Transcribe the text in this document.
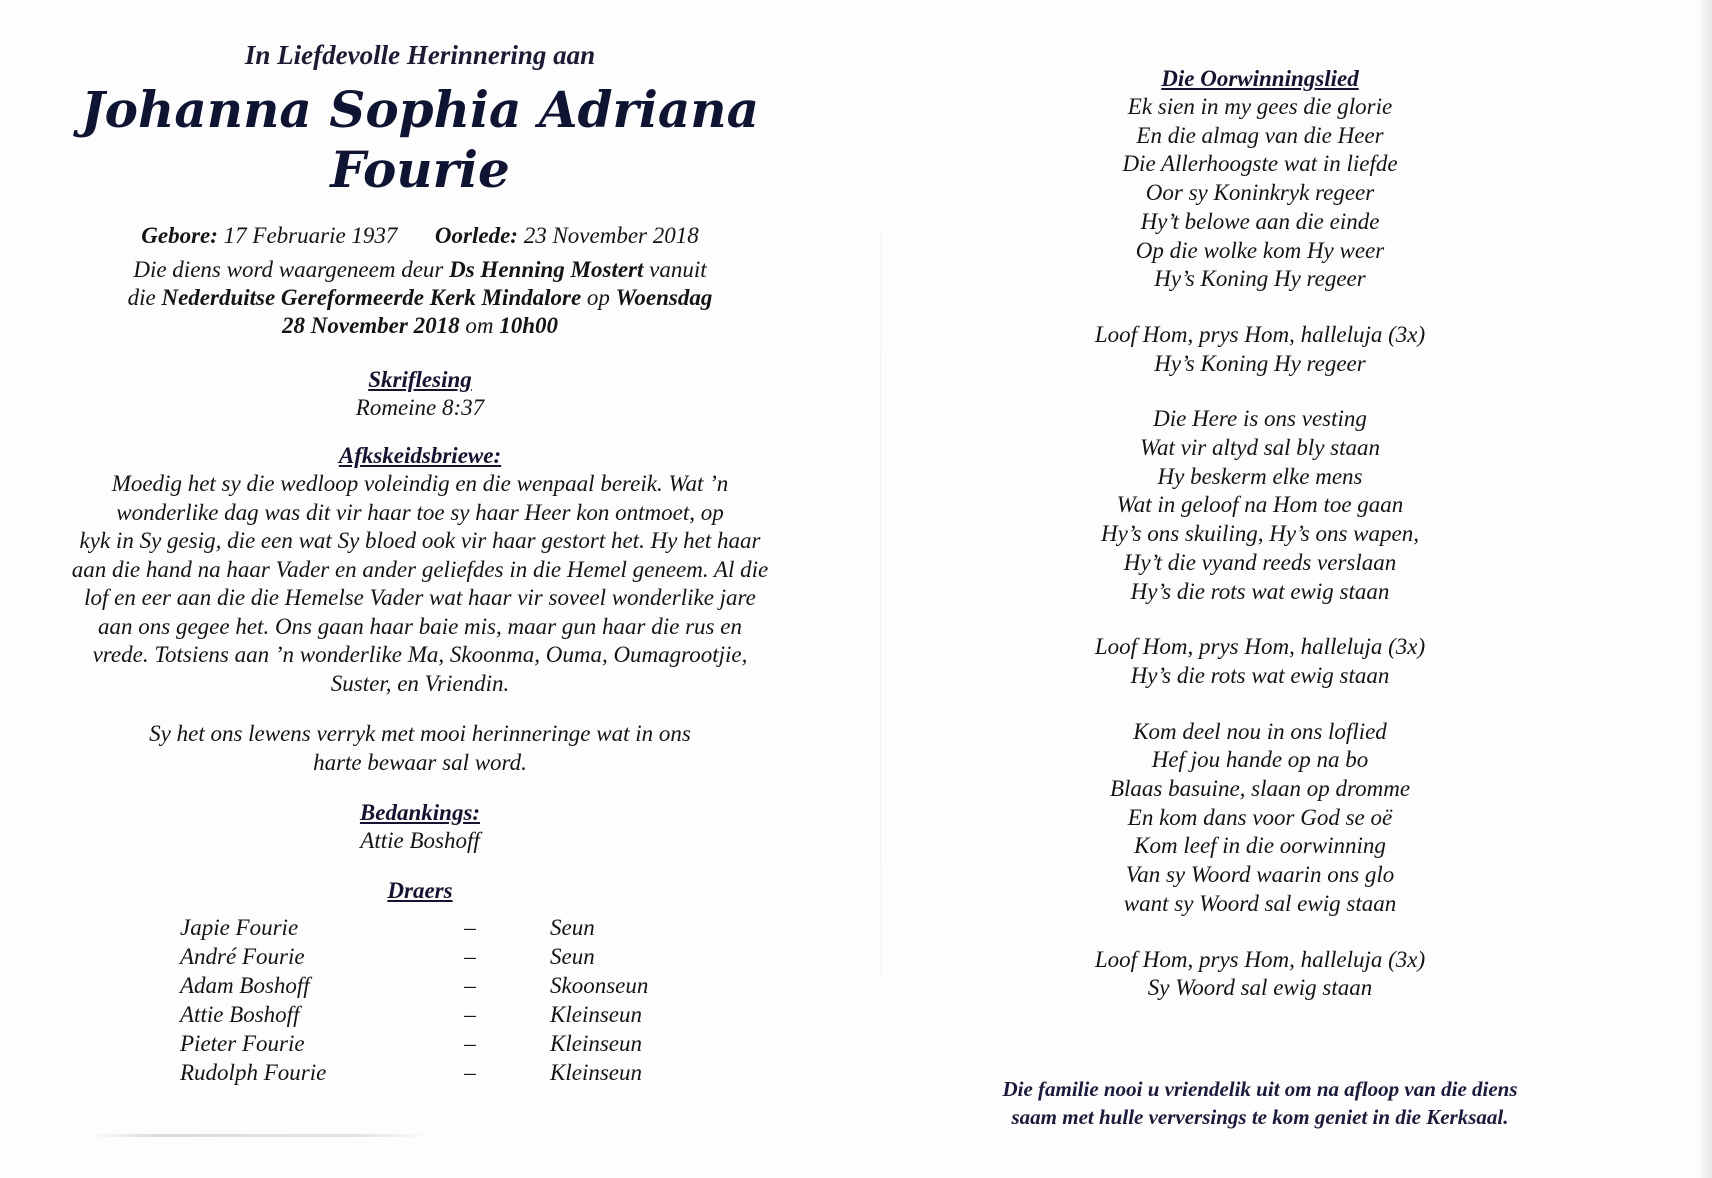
In Liefdevolle Herinnering aan
Johanna Sophia Adriana
Fourie
Gebore: 17 Februarie 1937 Oorlede: 23 November 2018
Die diens word waargeneem deur Ds Henning Mostert vanuit
die Nederduitse Gereformeerde Kerk Mindalore op Woensdag
28 November 2018 om 10h00
Skriflesing
Romeine 8:37
Afkskeidsbriewe:
Moedig het sy die wedloop voleindig en die wenpaal bereik. Wat ’n
wonderlike dag was dit vir haar toe sy haar Heer kon ontmoet, op
kyk in Sy gesig, die een wat Sy bloed ook vir haar gestort het. Hy het haar
aan die hand na haar Vader en ander geliefdes in die Hemel geneem. Al die
lof en eer aan die die Hemelse Vader wat haar vir soveel wonderlike jare
aan ons gegee het. Ons gaan haar baie mis, maar gun haar die rus en
vrede. Totsiens aan ’n wonderlike Ma, Skoonma, Ouma, Oumagrootjie,
Suster, en Vriendin.
Sy het ons lewens verryk met mooi herinneringe wat in ons
harte bewaar sal word.
Bedankings:
Attie Boshoff
Draers
Japie Fourie	–	Seun
André Fourie	–	Seun
Adam Boshoff	–	Skoonseun
Attie Boshoff	–	Kleinseun
Pieter Fourie	–	Kleinseun
Rudolph Fourie	–	Kleinseun
Die Oorwinningslied
Ek sien in my gees die glorie
En die almag van die Heer
Die Allerhoogste wat in liefde
Oor sy Koninkryk regeer
Hy’t belowe aan die einde
Op die wolke kom Hy weer
Hy’s Koning Hy regeer
Loof Hom, prys Hom, halleluja (3x)
Hy’s Koning Hy regeer
Die Here is ons vesting
Wat vir altyd sal bly staan
Hy beskerm elke mens
Wat in geloof na Hom toe gaan
Hy’s ons skuiling, Hy’s ons wapen,
Hy’t die vyand reeds verslaan
Hy’s die rots wat ewig staan
Loof Hom, prys Hom, halleluja (3x)
Hy’s die rots wat ewig staan
Kom deel nou in ons loflied
Hef jou hande op na bo
Blaas basuine, slaan op dromme
En kom dans voor God se oë
Kom leef in die oorwinning
Van sy Woord waarin ons glo
want sy Woord sal ewig staan
Loof Hom, prys Hom, halleluja (3x)
Sy Woord sal ewig staan
Die familie nooi u vriendelik uit om na afloop van die diens
saam met hulle verversings te kom geniet in die Kerksaal.
